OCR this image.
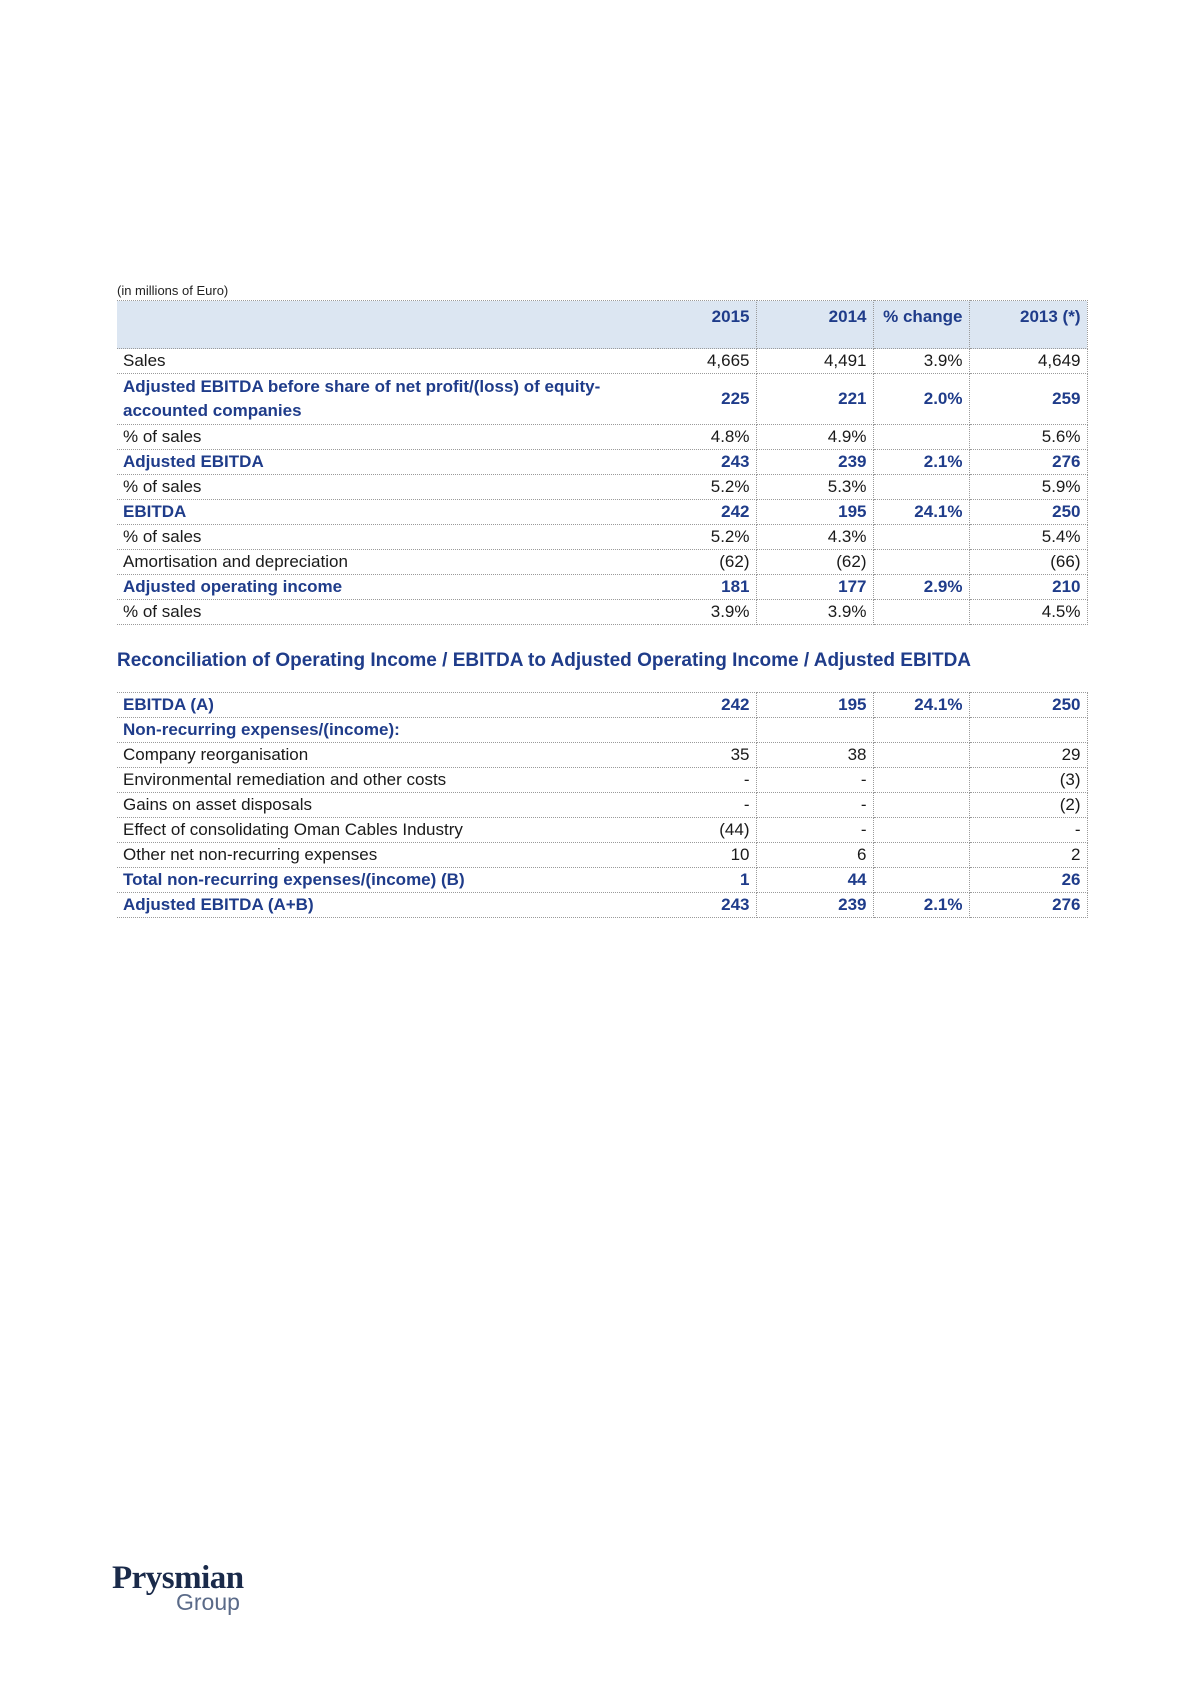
(in millions of Euro)
	2015	2014	% change	2013 (*)
Sales	4,665	4,491	3.9%	4,649
Adjusted EBITDA before share of net profit/(loss) of equity-accounted companies	225	221	2.0%	259
% of sales	4.8%	4.9%		5.6%
Adjusted EBITDA	243	239	2.1%	276
% of sales	5.2%	5.3%		5.9%
EBITDA	242	195	24.1%	250
% of sales	5.2%	4.3%		5.4%
Amortisation and depreciation	(62)	(62)		(66)
Adjusted operating income	181	177	2.9%	210
% of sales	3.9%	3.9%		4.5%
Reconciliation of Operating Income / EBITDA to Adjusted Operating Income / Adjusted EBITDA
EBITDA (A)	242	195	24.1%	250
Non-recurring expenses/(income):				
Company reorganisation	35	38		29
Environmental remediation and other costs	-	-		(3)
Gains on asset disposals	-	-		(2)
Effect of consolidating Oman Cables Industry	(44)	-		-
Other net non-recurring expenses	10	6		2
Total non-recurring expenses/(income) (B)	1	44		26
Adjusted EBITDA (A+B)	243	239	2.1%	276
Prysmian
Group
